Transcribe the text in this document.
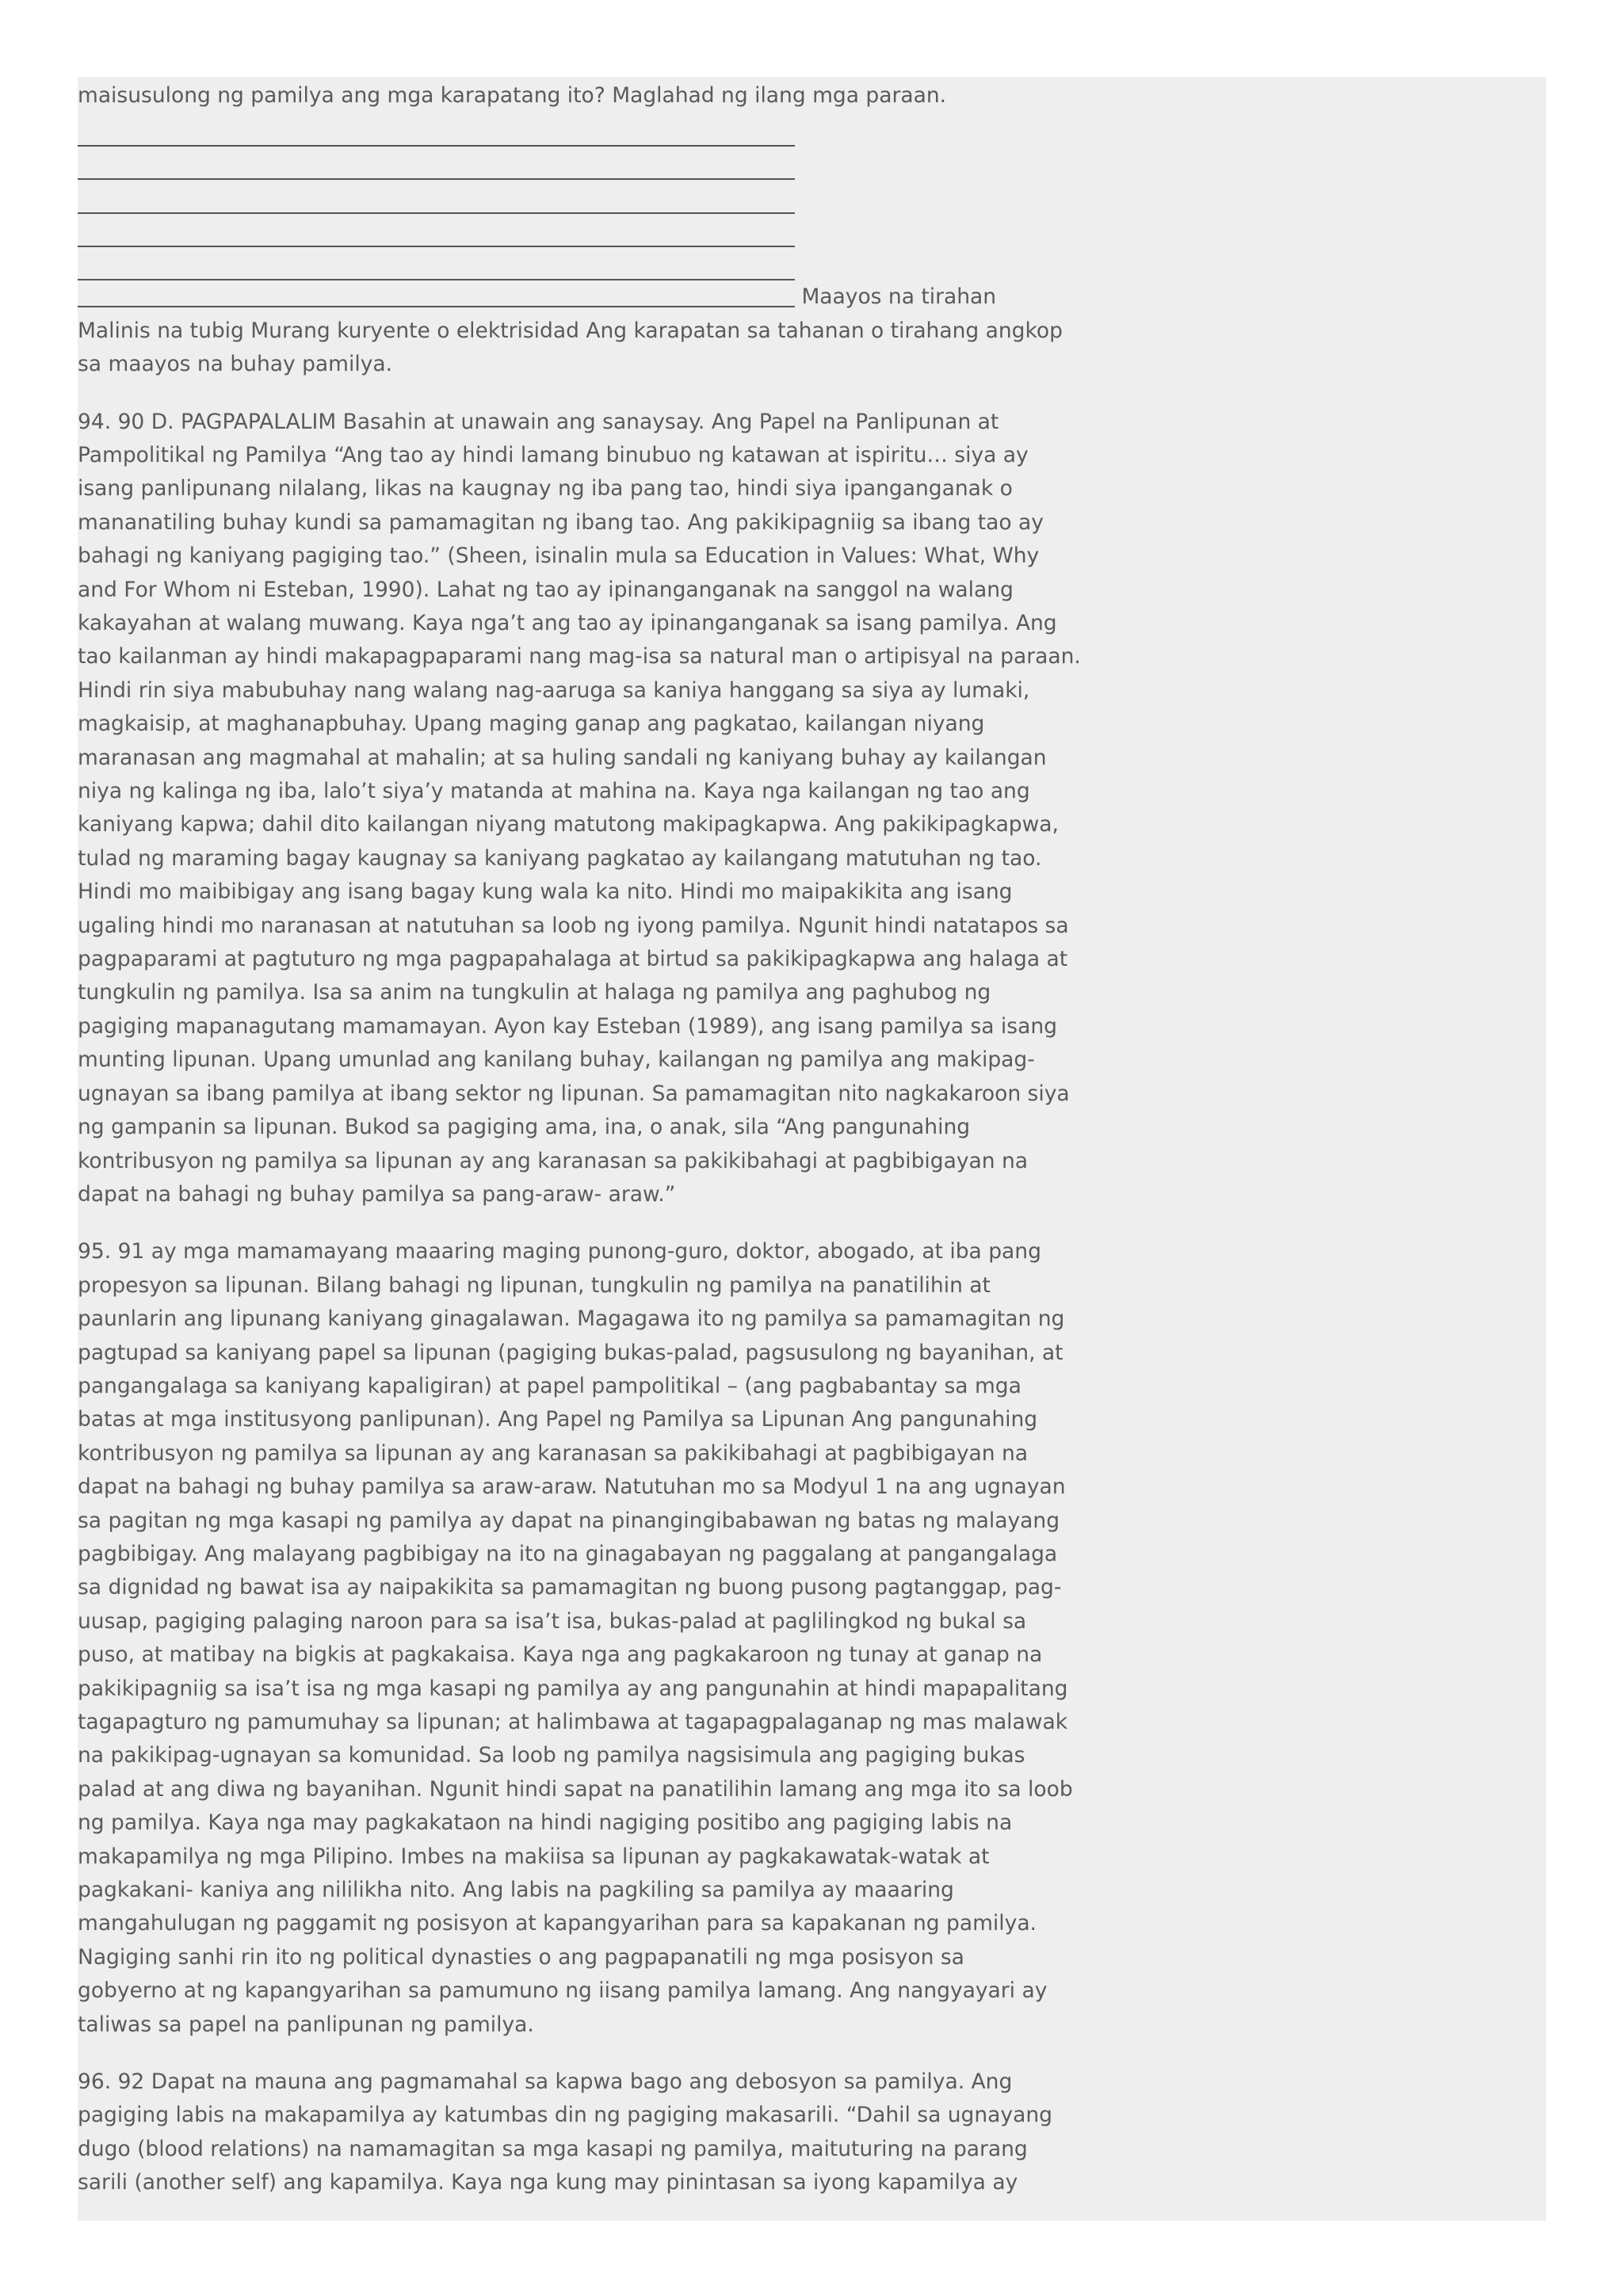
maisusulong ng pamilya ang mga karapatang ito? Maglahad ng ilang mga paraan.
Maayos na tirahan
Malinis na tubig Murang kuryente o elektrisidad Ang karapatan sa tahanan o tirahang angkop
sa maayos na buhay pamilya.
94. 90 D. PAGPAPALALIM Basahin at unawain ang sanaysay. Ang Papel na Panlipunan at
Pampolitikal ng Pamilya “Ang tao ay hindi lamang binubuo ng katawan at ispiritu… siya ay
isang panlipunang nilalang, likas na kaugnay ng iba pang tao, hindi siya ipanganganak o
mananatiling buhay kundi sa pamamagitan ng ibang tao. Ang pakikipagniig sa ibang tao ay
bahagi ng kaniyang pagiging tao.” (Sheen, isinalin mula sa Education in Values: What, Why
and For Whom ni Esteban, 1990). Lahat ng tao ay ipinanganganak na sanggol na walang
kakayahan at walang muwang. Kaya nga’t ang tao ay ipinanganganak sa isang pamilya. Ang
tao kailanman ay hindi makapagpaparami nang mag-isa sa natural man o artipisyal na paraan.
Hindi rin siya mabubuhay nang walang nag-aaruga sa kaniya hanggang sa siya ay lumaki,
magkaisip, at maghanapbuhay. Upang maging ganap ang pagkatao, kailangan niyang
maranasan ang magmahal at mahalin; at sa huling sandali ng kaniyang buhay ay kailangan
niya ng kalinga ng iba, lalo’t siya’y matanda at mahina na. Kaya nga kailangan ng tao ang
kaniyang kapwa; dahil dito kailangan niyang matutong makipagkapwa. Ang pakikipagkapwa,
tulad ng maraming bagay kaugnay sa kaniyang pagkatao ay kailangang matutuhan ng tao.
Hindi mo maibibigay ang isang bagay kung wala ka nito. Hindi mo maipakikita ang isang
ugaling hindi mo naranasan at natutuhan sa loob ng iyong pamilya. Ngunit hindi natatapos sa
pagpaparami at pagtuturo ng mga pagpapahalaga at birtud sa pakikipagkapwa ang halaga at
tungkulin ng pamilya. Isa sa anim na tungkulin at halaga ng pamilya ang paghubog ng
pagiging mapanagutang mamamayan. Ayon kay Esteban (1989), ang isang pamilya sa isang
munting lipunan. Upang umunlad ang kanilang buhay, kailangan ng pamilya ang makipag-
ugnayan sa ibang pamilya at ibang sektor ng lipunan. Sa pamamagitan nito nagkakaroon siya
ng gampanin sa lipunan. Bukod sa pagiging ama, ina, o anak, sila “Ang pangunahing
kontribusyon ng pamilya sa lipunan ay ang karanasan sa pakikibahagi at pagbibigayan na
dapat na bahagi ng buhay pamilya sa pang-araw- araw.”
95. 91 ay mga mamamayang maaaring maging punong-guro, doktor, abogado, at iba pang
propesyon sa lipunan. Bilang bahagi ng lipunan, tungkulin ng pamilya na panatilihin at
paunlarin ang lipunang kaniyang ginagalawan. Magagawa ito ng pamilya sa pamamagitan ng
pagtupad sa kaniyang papel sa lipunan (pagiging bukas-palad, pagsusulong ng bayanihan, at
pangangalaga sa kaniyang kapaligiran) at papel pampolitikal – (ang pagbabantay sa mga
batas at mga institusyong panlipunan). Ang Papel ng Pamilya sa Lipunan Ang pangunahing
kontribusyon ng pamilya sa lipunan ay ang karanasan sa pakikibahagi at pagbibigayan na
dapat na bahagi ng buhay pamilya sa araw-araw. Natutuhan mo sa Modyul 1 na ang ugnayan
sa pagitan ng mga kasapi ng pamilya ay dapat na pinangingibabawan ng batas ng malayang
pagbibigay. Ang malayang pagbibigay na ito na ginagabayan ng paggalang at pangangalaga
sa dignidad ng bawat isa ay naipakikita sa pamamagitan ng buong pusong pagtanggap, pag-
uusap, pagiging palaging naroon para sa isa’t isa, bukas-palad at paglilingkod ng bukal sa
puso, at matibay na bigkis at pagkakaisa. Kaya nga ang pagkakaroon ng tunay at ganap na
pakikipagniig sa isa’t isa ng mga kasapi ng pamilya ay ang pangunahin at hindi mapapalitang
tagapagturo ng pamumuhay sa lipunan; at halimbawa at tagapagpalaganap ng mas malawak
na pakikipag-ugnayan sa komunidad. Sa loob ng pamilya nagsisimula ang pagiging bukas
palad at ang diwa ng bayanihan. Ngunit hindi sapat na panatilihin lamang ang mga ito sa loob
ng pamilya. Kaya nga may pagkakataon na hindi nagiging positibo ang pagiging labis na
makapamilya ng mga Pilipino. Imbes na makiisa sa lipunan ay pagkakawatak-watak at
pagkakani- kaniya ang nililikha nito. Ang labis na pagkiling sa pamilya ay maaaring
mangahulugan ng paggamit ng posisyon at kapangyarihan para sa kapakanan ng pamilya.
Nagiging sanhi rin ito ng political dynasties o ang pagpapanatili ng mga posisyon sa
gobyerno at ng kapangyarihan sa pamumuno ng iisang pamilya lamang. Ang nangyayari ay
taliwas sa papel na panlipunan ng pamilya.
96. 92 Dapat na mauna ang pagmamahal sa kapwa bago ang debosyon sa pamilya. Ang
pagiging labis na makapamilya ay katumbas din ng pagiging makasarili. “Dahil sa ugnayang
dugo (blood relations) na namamagitan sa mga kasapi ng pamilya, maituturing na parang
sarili (another self) ang kapamilya. Kaya nga kung may pinintasan sa iyong kapamilya ay
